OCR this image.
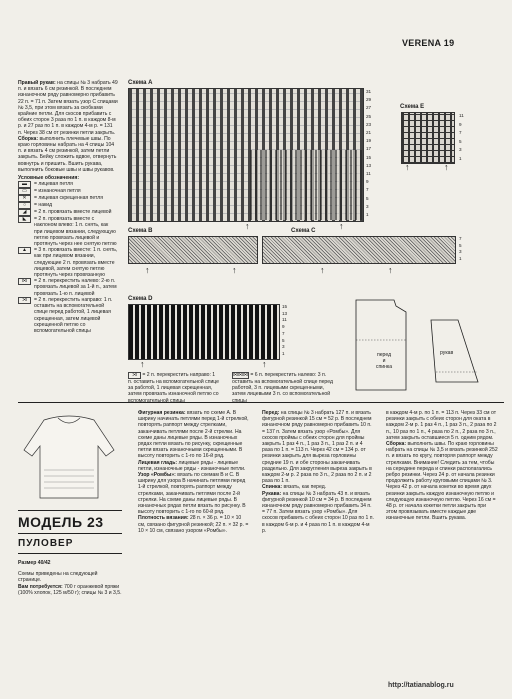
VERENA 19

Правый рукав: на спицы № 3 набрать 49 п. и вязать 6 см резинкой. В последнем изнаночном ряду равномерно прибавить 22 п. = 71 п. Затем вязать узор C спицами № 3,5, при этом вязать за скобками крайние петли. Для скосов прибавить с обеих сторон 3 раза по 1 п. в каждом 8-м р. и 27 раз по 1 п. в каждом 4-м р. = 131 п. Через 38 см от резинки петли закрыть.

Сборка: выполнить плечевые швы. По краю горловины набрать на 4 спицы 104 п. и вязать 4 см резинкой, затем петли закрыть. Бейку сложить вдвое, отвернуть вовнутрь и пришить. Вшить рукава, выполнить боковые швы и швы рукавов.

Условные обозначения:

▬	= лицевая петля
▭	= изнаночная петля
✕	= лицевая скрещенная петля
○	= накид
◢	= 2 п. провязать вместе лицевой
◣	= 2 п. провязать вместе с наклоном влево: 1 п. снять, как при лицевом вязании, следующую петлю провязать лицевой и протянуть через нее снятую петлю
▲	= 3 п. провязать вместе: 1 п. снять, как при лицевом вязании, следующие 2 п. провязать вместе лицевой, затем снятую петлю протянуть через провязанную
⋈	= 2 п. перекрестить налево: 2-ю п. провязать лицевой за 1-й п., затем провязать 1-ю п. лицевой
⋊	= 2 п. перекрестить направо: 1 п. оставить на вспомогательной спице перед работой, 1 лицевая скрещенная, затем лицевой скрещенной петлю со вспомогательной спицы
Схема A
31
29
27
25
23
21
19
17
15
13
11
9
7
5
3
1
↑	↑
Схема E
11
9
7
5
3
1
↑	↑
Схема B
↑	↑
Схема C
7
5
3
1
↑	↑
Схема D
15
13
11
9
7
5
3
1
↑	↑
⋊ = 2 п. перекрестить направо: 1 п. оставить на вспомогательной спице за работой, 1 лицевая скрещенная, затем провязать изнаночной петлю со вспомогательной спицы
⋈⋈⋈ = 6 п. перекрестить налево: 3 п. оставить на вспомогательной спице перед работой, 3 п. лицевыми скрещенными, затем лицевыми 3 п. со вспомогательной спицы
перед
и
спинка
рукав
МОДЕЛЬ 23
ПУЛОВЕР

Размер 40/42

Схемы приведены на следующей странице.

Вам потребуется: 700 г оранжевой пряжи (100% хлопок, 125 м/50 г); спицы № 3 и 3,5.

Фигурная резинка: вязать по схеме A. В ширину начинать петлями перед 1-й стрелкой, повторять раппорт между стрелками, заканчивать петлями после 2-й стрелки. На схеме даны лицевые ряды. В изнаночных рядах петли вязать по рисунку, скрещенные петли вязать изнаночными скрещенными. В высоту повторить с 1-го по 16-й ряд.

Лицевая гладь: лицевые ряды - лицевые петли, изнаночные ряды - изнаночные петли.

Узор «Ромбы»: вязать по схемам B и C. В ширину для узора B начинать петлями перед 1-й стрелкой, повторять раппорт между стрелками, заканчивать петлями после 2-й стрелки. На схеме даны лицевые ряды. В изнаночных рядах петли вязать по рисунку. В высоту повторить с 1-го по 60-й ряд.

Плотность вязания: 28 п. × 36 р. = 10 × 10 см, связано фигурной резинкой; 22 п. × 32 р. = 10 × 10 см, связано узором «Ромбы».

Перед: на спицы № 3 набрать 127 п. и вязать фигурной резинкой 15 см = 52 р. В последнем изнаночном ряду равномерно прибавить 10 п. = 137 п. Затем вязать узор «Ромбы». Для скосов проймы с обеих сторон для проймы закрыть 1 раз 4 п., 1 раз 3 п., 1 раз 2 п. и 4 раза по 1 п. = 113 п. Через 42 см = 134 р. от резинки закрыть для выреза горловины средние 19 п. и обе стороны заканчивать раздельно. Для закругления выреза закрыть в каждом 2-м р. 2 раза по 3 п., 2 раза по 2 п. и 2 раза по 1 п.

Спинка: вязать, как перед.

Рукава: на спицы № 3 набрать 43 п. и вязать фигурной резинкой 10 см = 34 р. В последнем изнаночном ряду равномерно прибавить 34 п. = 77 п. Затем вязать узор «Ромбы». Для скосов прибавить с обеих сторон 10 раз по 1 п. в каждом 6-м р. и 4 раза по 1 п. в каждом 4-м р.

в каждом 4-м р. по 1 п. = 113 п. Через 33 см от резинки закрыть с обеих сторон для оката в каждом 2-м р. 1 раз 4 п., 1 раз 3 п., 2 раза по 2 п., 10 раз по 1 п., 4 раза по 2 п., 2 раза по 3 п., затем закрыть оставшиеся 5 п. одним рядом.

Сборка: выполнить швы. По краю горловины набрать на спицы № 3,5 и вязать резинкой 252 п. и вязать по кругу, повторяя раппорт между стрелками. Внимание! Следить за тем, чтобы на середине переда и спинки располагались ребро резинки. Через 24 р. от начала резинки продолжить работу круговыми спицами № 3. Через 42 р. от начала кокетки во время двух резинки закрыть каждую изнаночную петлю и следующую изнаночную петлю. Через 16 см = 48 р. от начала кокетки петли закрыть при этом провязывать вместе каждые две изнаночные петли. Вшить рукава.

http://tatianablog.ru
